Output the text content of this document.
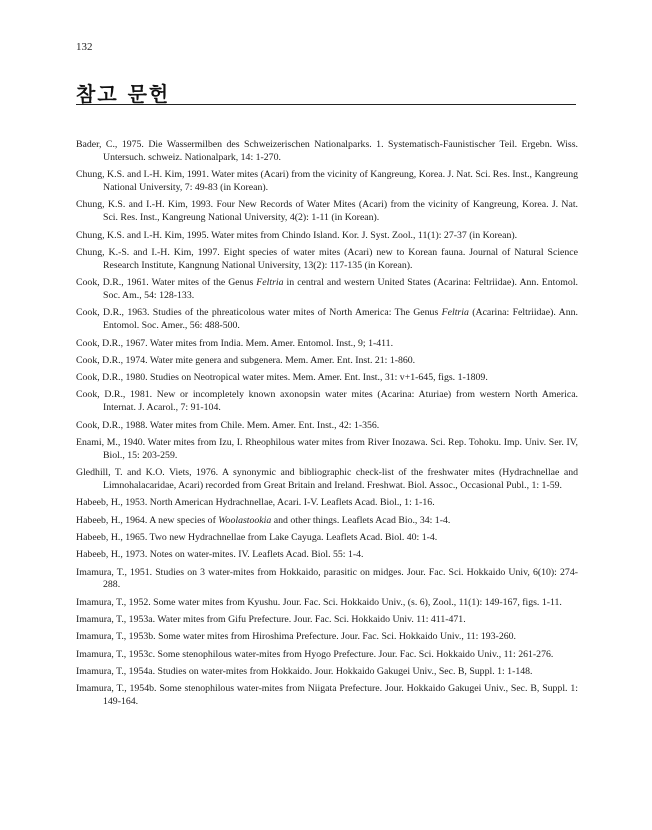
132
참고 문헌
Bader, C., 1975. Die Wassermilben des Schweizerischen Nationalparks. 1. Systematisch-Faunistischer Teil. Ergebn. Wiss. Untersuch. schweiz. Nationalpark, 14: 1-270.
Chung, K.S. and I.-H. Kim, 1991. Water mites (Acari) from the vicinity of Kangreung, Korea. J. Nat. Sci. Res. Inst., Kangreung National University, 7: 49-83 (in Korean).
Chung, K.S. and I.-H. Kim, 1993. Four New Records of Water Mites (Acari) from the vicinity of Kangreung, Korea. J. Nat. Sci. Res. Inst., Kangreung National University, 4(2): 1-11 (in Korean).
Chung, K.S. and I.-H. Kim, 1995. Water mites from Chindo Island. Kor. J. Syst. Zool., 11(1): 27-37 (in Korean).
Chung, K.-S. and I.-H. Kim, 1997. Eight species of water mites (Acari) new to Korean fauna. Journal of Natural Science Research Institute, Kangnung National University, 13(2): 117-135 (in Korean).
Cook, D.R., 1961. Water mites of the Genus Feltria in central and western United States (Acarina: Feltriidae). Ann. Entomol. Soc. Am., 54: 128-133.
Cook, D.R., 1963. Studies of the phreaticolous water mites of North America: The Genus Feltria (Acarina: Feltriidae). Ann. Entomol. Soc. Amer., 56: 488-500.
Cook, D.R., 1967. Water mites from India. Mem. Amer. Entomol. Inst., 9; 1-411.
Cook, D.R., 1974. Water mite genera and subgenera. Mem. Amer. Ent. Inst. 21: 1-860.
Cook, D.R., 1980. Studies on Neotropical water mites. Mem. Amer. Ent. Inst., 31: v+1-645, figs. 1-1809.
Cook, D.R., 1981. New or incompletely known axonopsin water mites (Acarina: Aturiae) from western North America. Internat. J. Acarol., 7: 91-104.
Cook, D.R., 1988. Water mites from Chile. Mem. Amer. Ent. Inst., 42: 1-356.
Enami, M., 1940. Water mites from Izu, I. Rheophilous water mites from River Inozawa. Sci. Rep. Tohoku. Imp. Univ. Ser. IV, Biol., 15: 203-259.
Gledhill, T. and K.O. Viets, 1976. A synonymic and bibliographic check-list of the freshwater mites (Hydrachnellae and Limnohalacaridae, Acari) recorded from Great Britain and Ireland. Freshwat. Biol. Assoc., Occasional Publ., 1: 1-59.
Habeeb, H., 1953. North American Hydrachnellae, Acari. I-V. Leaflets Acad. Biol., 1: 1-16.
Habeeb, H., 1964. A new species of Woolastookia and other things. Leaflets Acad Bio., 34: 1-4.
Habeeb, H., 1965. Two new Hydrachnellae from Lake Cayuga. Leaflets Acad. Biol. 40: 1-4.
Habeeb, H., 1973. Notes on water-mites. IV. Leaflets Acad. Biol. 55: 1-4.
Imamura, T., 1951. Studies on 3 water-mites from Hokkaido, parasitic on midges. Jour. Fac. Sci. Hokkaido Univ, 6(10): 274-288.
Imamura, T., 1952. Some water mites from Kyushu. Jour. Fac. Sci. Hokkaido Univ., (s. 6), Zool., 11(1): 149-167, figs. 1-11.
Imamura, T., 1953a. Water mites from Gifu Prefecture. Jour. Fac. Sci. Hokkaido Univ. 11: 411-471.
Imamura, T., 1953b. Some water mites from Hiroshima Prefecture. Jour. Fac. Sci. Hokkaido Univ., 11: 193-260.
Imamura, T., 1953c. Some stenophilous water-mites from Hyogo Prefecture. Jour. Fac. Sci. Hokkaido Univ., 11: 261-276.
Imamura, T., 1954a. Studies on water-mites from Hokkaido. Jour. Hokkaido Gakugei Univ., Sec. B, Suppl. 1: 1-148.
Imamura, T., 1954b. Some stenophilous water-mites from Niigata Prefecture. Jour. Hokkaido Gakugei Univ., Sec. B, Suppl. 1: 149-164.
